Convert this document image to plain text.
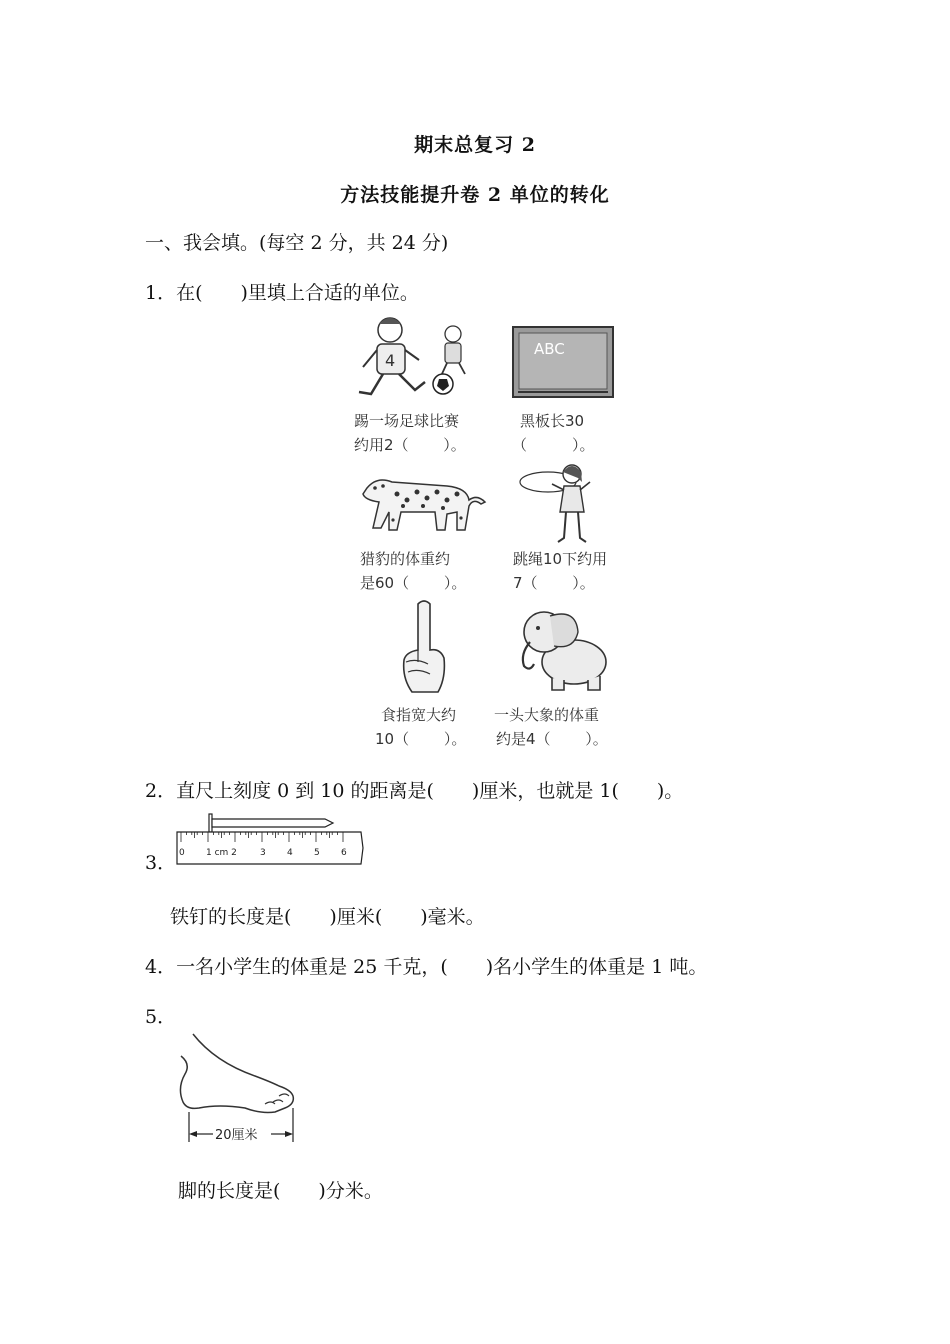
期末总复习 2
方法技能提升卷 2 单位的转化
一、我会填。(每空 2 分，共 24 分)
1．在(　　)里填上合适的单位。
4
ABC
踢一场足球比赛
约用2（　　 ）。
黑板长30
（　　　）。
猎豹的体重约
是60（　　 ）。
跳绳10下约用
7（　　 ）。
食指宽大约
10（　　 ）。
一头大象的体重
约是4（　　 ）。
2．直尺上刻度 0 到 10 的距离是(　　)厘米，也就是 1(　　)。
3． 0 1 cm 2	3 4 5 6
铁钉的长度是(　　)厘米(　　)毫米。
4．一名小学生的体重是 25 千克，(　　)名小学生的体重是 1 吨。
5．
20厘米
脚的长度是(　　)分米。
